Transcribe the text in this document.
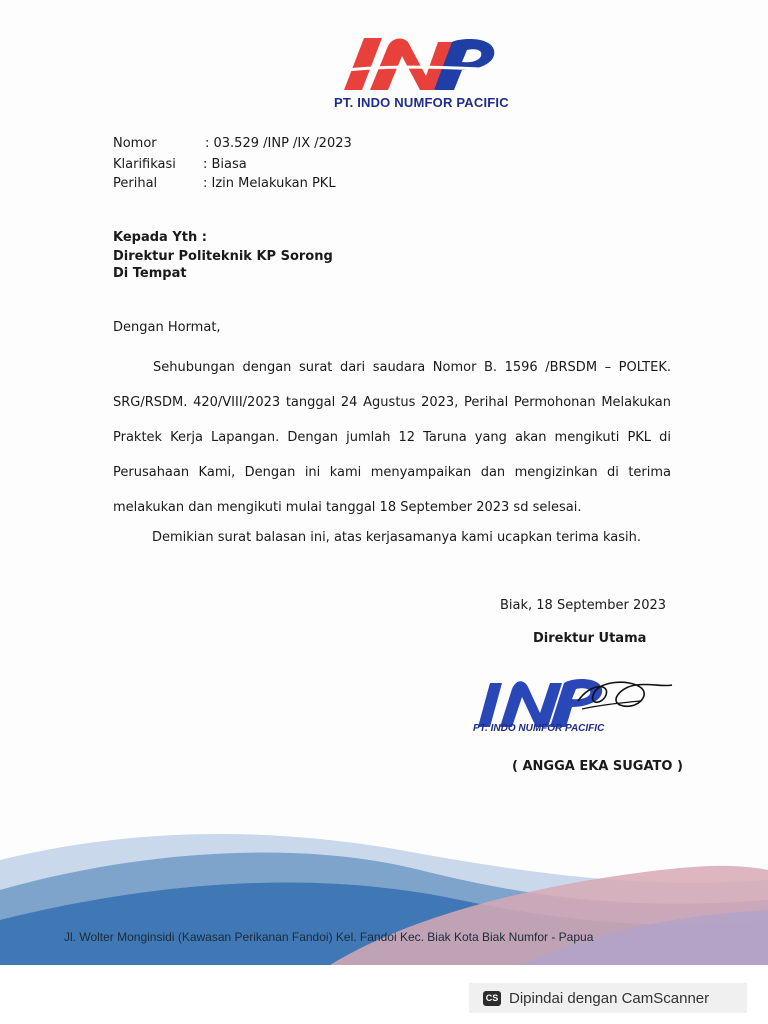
PT. INDO NUMFOR PACIFIC
Nomor	: 03.529 /INP /IX /2023
Klarifikasi : Biasa
Perihal	: Izin Melakukan PKL
Kepada Yth :
Direktur Politeknik KP Sorong
Di Tempat
Dengan Hormat,

Sehubungan dengan surat dari saudara Nomor B. 1596 /BRSDM – POLTEK. SRG/RSDM. 420/VIII/2023 tanggal 24 Agustus 2023, Perihal Permohonan Melakukan Praktek Kerja Lapangan. Dengan jumlah 12 Taruna yang akan mengikuti PKL di Perusahaan Kami, Dengan ini kami menyampaikan dan mengizinkan di terima melakukan dan mengikuti mulai tanggal 18 September 2023 sd selesai.

Demikian surat balasan ini, atas kerjasamanya kami ucapkan terima kasih.
Biak, 18 September 2023
Direktur Utama
PT. INDO NUMFOR PACIFIC
( ANGGA EKA SUGATO )
Jl. Wolter Monginsidi (Kawasan Perikanan Fandoi) Kel. Fandoi Kec. Biak Kota Biak Numfor - Papua
CS Dipindai dengan CamScanner
